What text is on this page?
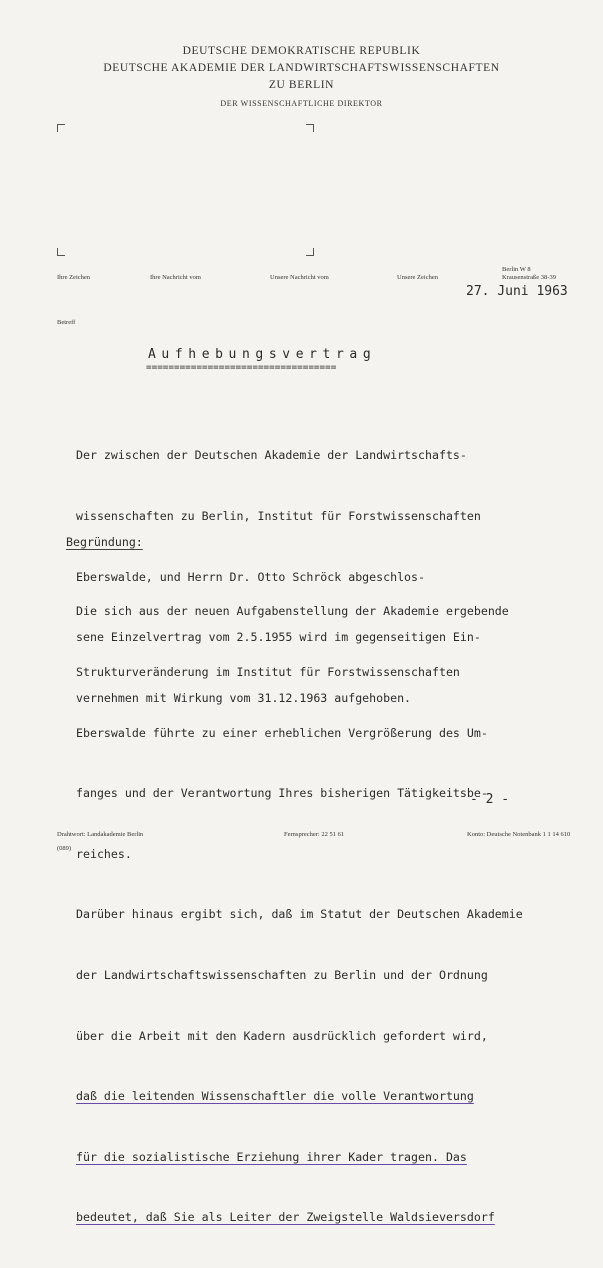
DEUTSCHE DEMOKRATISCHE REPUBLIK
DEUTSCHE AKADEMIE DER LANDWIRTSCHAFTSWISSENSCHAFTEN
ZU BERLIN
DER WISSENSCHAFTLICHE DIREKTOR
Ihre Zeichen	Ihre Nachricht vom	Unsere Nachricht vom	Unsere Zeichen
Berlin W 8
Krausenstraße 38-39
27. Juni 1963
Betreff
Aufhebungsvertrag
==================================

Der zwischen der Deutschen Akademie der Landwirtschafts-

wissenschaften zu Berlin, Institut für Forstwissenschaften

Eberswalde, und Herrn Dr. Otto Schröck abgeschlos-

sene Einzelvertrag vom 2.5.1955 wird im gegenseitigen Ein-

vernehmen mit Wirkung vom 31.12.1963 aufgehoben.

Begründung:

Die sich aus der neuen Aufgabenstellung der Akademie ergebende

Strukturveränderung im Institut für Forstwissenschaften

Eberswalde führte zu einer erheblichen Vergrößerung des Um-

fanges und der Verantwortung Ihres bisherigen Tätigkeitsbe-

reiches.

Darüber hinaus ergibt sich, daß im Statut der Deutschen Akademie

der Landwirtschaftswissenschaften zu Berlin und der Ordnung

über die Arbeit mit den Kadern ausdrücklich gefordert wird,

daß die leitenden Wissenschaftler die volle Verantwortung

für die sozialistische Erziehung ihrer Kader tragen. Das

bedeutet, daß Sie als Leiter der Zweigstelle Waldsieversdorf

- 2 -
Drahtwort: Landakademie Berlin	Fernsprecher: 22 51 61	Konto: Deutsche Notenbank 1 1 14 610
(089)
